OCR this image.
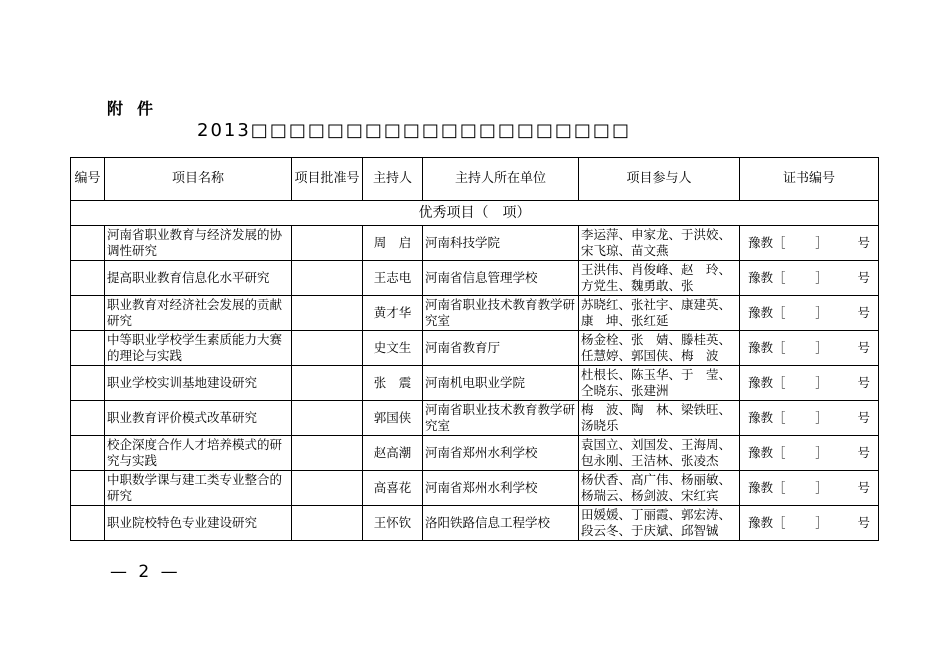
附件
2013□□□□□□□□□□□□□□□□□□□□
编号	项目名称	项目批准号	主持人	主持人所在单位	项目参与人	证书编号
优秀项目（　项）						
	河南省职业教育与经济发展的协调性研究		周　启	河南科技学院	李运萍、申家龙、于洪姣、宋飞琼、苗文燕	豫教［ ］ 号

	提高职业教育信息化水平研究		王志电	河南省信息管理学校	王洪伟、肖俊峰、赵　玲、方党生、魏勇敢、张	豫教［ ］ 号

	职业教育对经济社会发展的贡献研究		黄才华	河南省职业技术教育教学研究室	苏晓红、张社宇、康建英、康　坤、张红延	豫教［ ］ 号

	中等职业学校学生素质能力大赛的理论与实践		史文生	河南省教育厅	杨金栓、张　婧、滕桂英、任慧婷、郭国侠、梅　波	豫教［ ］ 号

	职业学校实训基地建设研究		张　震	河南机电职业学院	杜根长、陈玉华、于　莹、仝晓东、张建洲	豫教［ ］ 号

	职业教育评价模式改革研究		郭国侠	河南省职业技术教育教学研究室	梅　波、陶　林、梁铁旺、汤晓乐	豫教［ ］ 号

	校企深度合作人才培养模式的研究与实践		赵高潮	河南省郑州水利学校	袁国立、刘国发、王海周、包永刚、王洁林、张凌杰	豫教［ ］ 号

	中职数学课与建工类专业整合的研究		高喜花	河南省郑州水利学校	杨伏香、高广伟、杨丽敏、杨瑞云、杨剑波、宋红宾	豫教［ ］ 号

	职业院校特色专业建设研究		王怀钦	洛阳铁路信息工程学校	田媛媛、丁丽霞、郭宏涛、段云冬、于庆斌、邱智铖	豫教［ ］ 号
— 2 —
